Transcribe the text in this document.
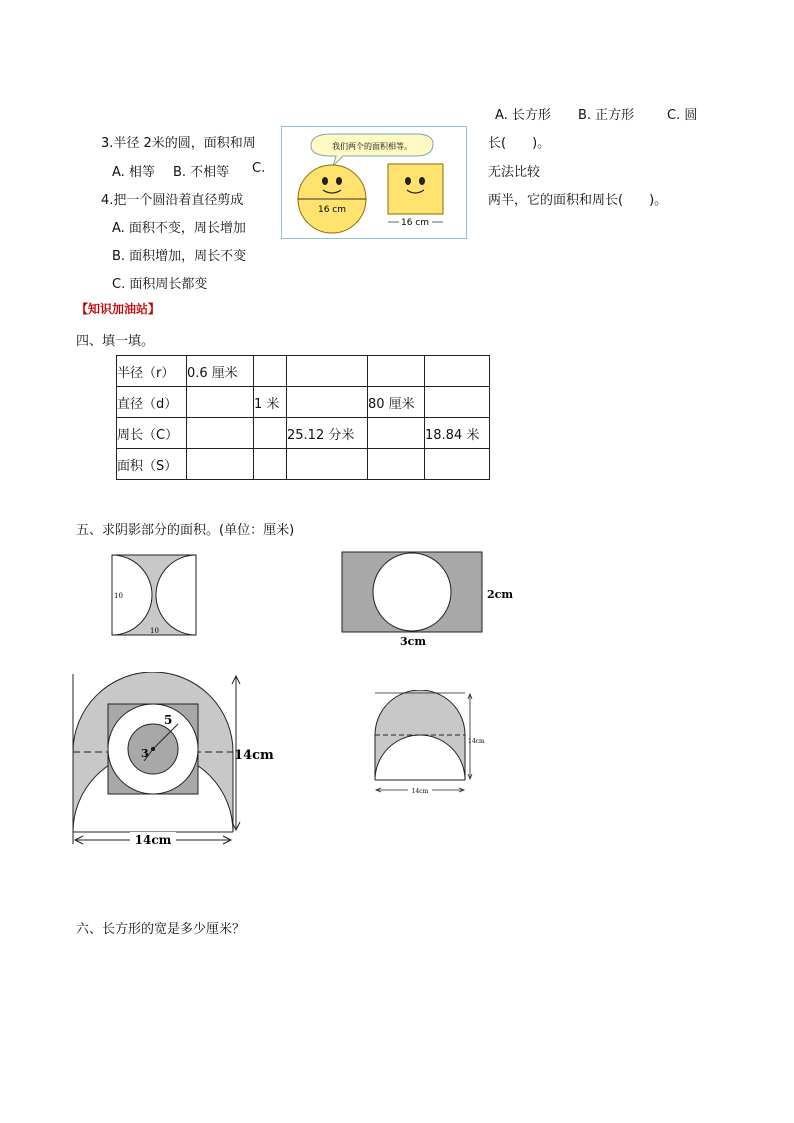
A. 长方形 B. 正方形	C. 圆
3.半径 2米的圆，面积和周	长(　　)。
A. 相等 B. 不相等 C.	无法比较
4.把一个圆沿着直径剪成	两半，它的面积和周长(　　)。
A. 面积不变，周长增加
B. 面积增加，周长不变
C. 面积周长都变
我们两个的面积相等。
16 cm
16 cm
【知识加油站】
四、填一填。
半径（r）	0.6 厘米				
直径（d）		1 米		80 厘米	
周长（C）			25.12 分米		18.84 米
面积（S）					
五、求阴影部分的面积。(单位：厘米)
10
10
2cm
3cm
5
3	14cm
14cm
14cm
14cm
六、长方形的宽是多少厘米？
